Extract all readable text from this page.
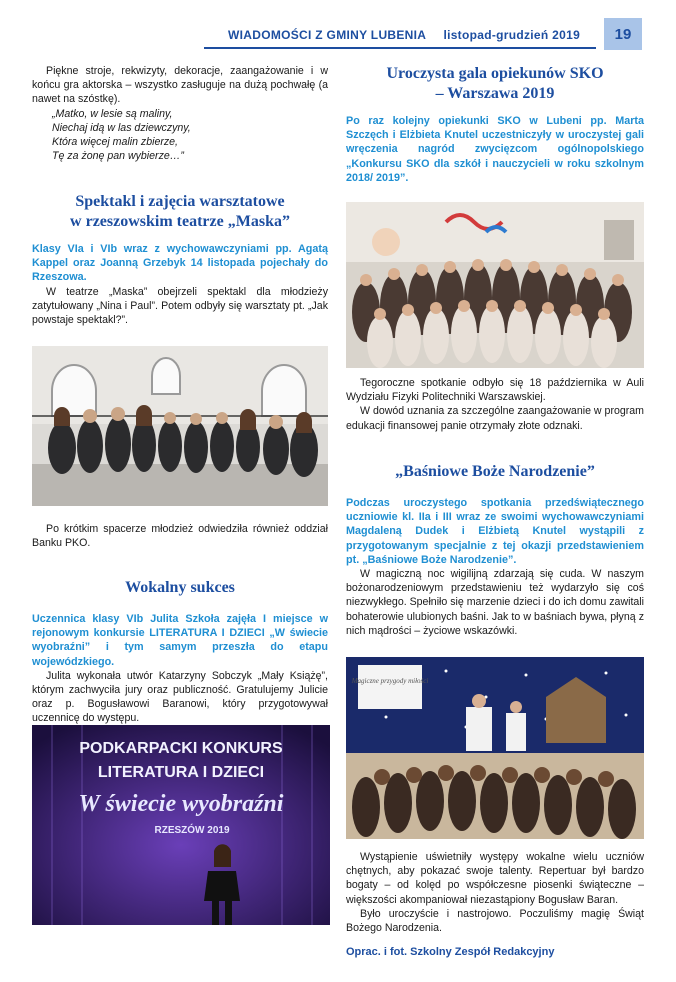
WIADOMOŚCI Z GMINY LUBENIA listopad-grudzień 2019	19

Piękne stroje, rekwizyty, dekoracje, zaangażowanie i w końcu gra aktorska – wszystko zasługuje na dużą pochwałę (a nawet na szóstkę).

„Matko, w lesie są maliny,
Niechaj idą w las dziewczyny,
Która więcej malin zbierze,
Tę za żonę pan wybierze…”
Spektakl i zajęcia warsztatowe
w rzeszowskim teatrze „Maska”

Klasy VIa i VIb wraz z wychowawczyniami pp. Agatą Kappel oraz Joanną Grzebyk 14 listopada pojechały do Rzeszowa.

W teatrze „Maska” obejrzeli spektakl dla młodzieży zatytułowany „Nina i Paul”. Potem odbyły się warsztaty pt. „Jak powstaje spektakl?”.

Po krótkim spacerze młodzież odwiedziła również oddział Banku PKO.

Wokalny sukces

Uczennica klasy VIb Julita Szkoła zajęła I miejsce w rejonowym konkursie LITERATURA I DZIECI „W świecie wyobraźni” i tym samym przeszła do etapu wojewódzkiego.

Julita wykonała utwór Katarzyny Sobczyk „Mały Książę”, którym zachwyciła jury oraz publiczność. Gratulujemy Julicie oraz p. Bogusławowi Baranowi, który przygotowywał uczennicę do występu.

PODKARPACKI KONKURS
LITERATURA I DZIECI
W świecie wyobraźni
RZESZÓW 2019
Uroczysta gala opiekunów SKO
– Warszawa 2019

Po raz kolejny opiekunki SKO w Lubeni pp. Marta Szczęch i Elżbieta Knutel uczestniczyły w uroczystej gali wręczenia nagród zwycięzcom ogólnopolskiego „Konkursu SKO dla szkół i nauczycieli w roku szkolnym 2018/ 2019”.

Tegoroczne spotkanie odbyło się 18 października w Auli Wydziału Fizyki Politechniki Warszawskiej.

W dowód uznania za szczególne zaangażowanie w program edukacji finansowej panie otrzymały złote odznaki.

„Baśniowe Boże Narodzenie”

Podczas uroczystego spotkania przedświątecznego uczniowie kl. IIa i III wraz ze swoimi wychowawczyniami Magdaleną Dudek i Elżbietą Knutel wystąpili z przygotowanym specjalnie z tej okazji przedstawieniem pt. „Baśniowe Boże Narodzenie”.

W magiczną noc wigilijną zdarzają się cuda. W naszym bożonarodzeniowym przedstawieniu też wydarzyło się coś niezwykłego. Spełniło się marzenie dzieci i do ich domu zawitali bohaterowie ulubionych baśni. Jak to w baśniach bywa, płyną z nich mądrości – życiowe wskazówki.

Magiczne przygody miłości

Wystąpienie uświetniły występy wokalne wielu uczniów chętnych, aby pokazać swoje talenty. Repertuar był bardzo bogaty – od kolęd po współczesne piosenki świąteczne – większości akompaniował niezastąpiony Bogusław Baran.

Było uroczyście i nastrojowo. Poczuliśmy magię Świąt Bożego Narodzenia.

Oprac. i fot. Szkolny Zespół Redakcyjny
